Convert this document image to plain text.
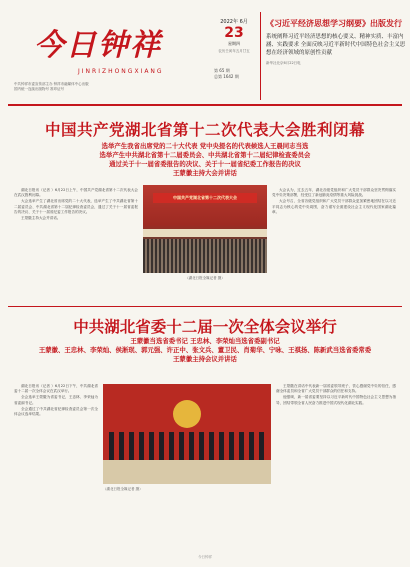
今日钟祥
JINRIZHONGXIANG
中共钟祥市委宣传部主办 钟祥市融媒体中心出版
国内统一连续出版物号 准印证号
2022年 6月
23
星期四
农历壬寅年五月廿五
第 65 期
总第 1642 期
《习近平经济思想学习纲要》出版发行
系统阐释习近平经济思想的核心要义、精神实质、丰富内涵、实践要求 全面反映习近平新时代中国特色社会主义思想在经济领域的原创性贡献
新华社北京6月22日电
中国共产党湖北省第十二次代表大会胜利闭幕
选举产生我省出席党的二十大代表 党中央提名的代表候选人王晨同志当选
选举产生中共湖北省第十二届委员会、中共湖北省第十二届纪律检查委员会
通过关于十一届省委报告的决议、关于十一届省纪委工作报告的决议
王蒙徽主持大会并讲话

湖北日报讯（记者 ）6月22日上午，中国共产党湖北省第十二次代表大会在武汉胜利闭幕。

大会选举产生了湖北省出席党的二十大代表，选举产生了中共湖北省第十二届委员会、中共湖北省第十二届纪律检查委员会，通过了关于十一届省委报告的决议、关于十一届省纪委工作报告的决议。

王蒙徽主持大会并讲话。

中国共产党湖北省第十二次代表大会
（湖北日报全媒记者 摄）

大会认为，过去五年，湖北各级党组织和广大党员干部群众坚决贯彻落实党中央决策部署，经受住了新冠肺炎疫情等重大风险挑战。

大会号召，全省各级党组织和广大党员干部群众更加紧密地团结在以习近平同志为核心的党中央周围，奋力谱写全面建设社会主义现代化国家湖北篇章。

中共湖北省委十二届一次全体会议举行
王蒙徽当选省委书记 王忠林、李荣灿当选省委副书记
王蒙徽、王忠林、李荣灿、侯淅珉、郭元强、许正中、张文兵、董卫民、肖菊华、宁咏、王祺扬、陈新武当选省委常委
王蒙徽主持会议并讲话

湖北日报讯（记者 ）6月22日下午，中共湖北省委十二届一次全体会议在武汉举行。

全会选举王蒙徽为省委书记，王忠林、李荣灿为省委副书记。

全会通过了中共湖北省纪律检查委员会第一次全体会议选举结果。

（湖北日报全媒记者 摄）

王蒙徽在讲话中代表新一届省委领导班子，衷心感谢党中央的信任，感谢全体委员和全省广大党员干部群众的信任和支持。

他强调，新一届省委要坚持以习近平新时代中国特色社会主义思想为指导，团结带领全省人民奋力推进中国式现代化湖北实践。

今日钟祥
